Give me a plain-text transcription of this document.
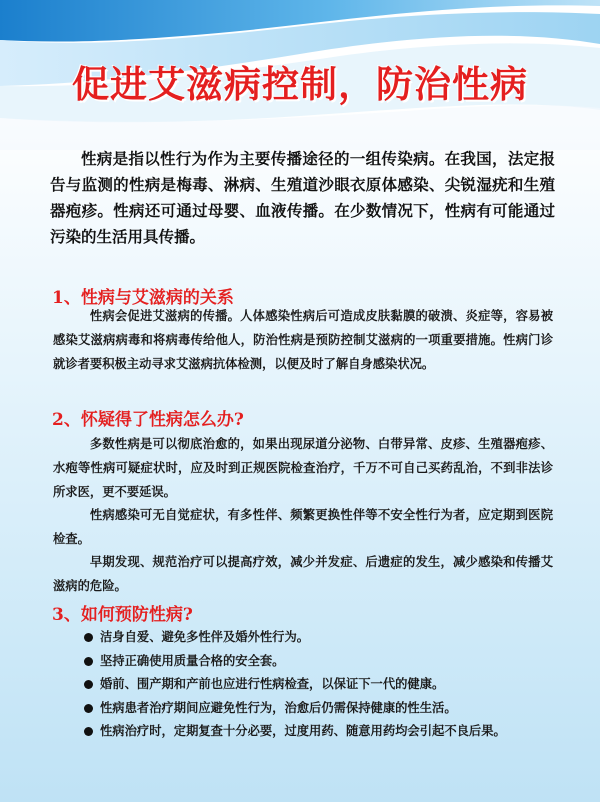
促进艾滋病控制，防治性病
性病是指以性行为作为主要传播途径的一组传染病。在我国，法定报告与监测的性病是梅毒、淋病、生殖道沙眼衣原体感染、尖锐湿疣和生殖器疱疹。性病还可通过母婴、血液传播。在少数情况下，性病有可能通过污染的生活用具传播。
1、性病与艾滋病的关系
性病会促进艾滋病的传播。人体感染性病后可造成皮肤黏膜的破溃、炎症等，容易被感染艾滋病病毒和将病毒传给他人，防治性病是预防控制艾滋病的一项重要措施。性病门诊就诊者要积极主动寻求艾滋病抗体检测，以便及时了解自身感染状况。
2、怀疑得了性病怎么办?
多数性病是可以彻底治愈的，如果出现尿道分泌物、白带异常、皮疹、生殖器疱疹、水疱等性病可疑症状时，应及时到正规医院检查治疗，千万不可自己买药乱治，不到非法诊所求医，更不要延误。
性病感染可无自觉症状，有多性伴、频繁更换性伴等不安全性行为者，应定期到医院检查。
早期发现、规范治疗可以提高疗效，减少并发症、后遗症的发生，减少感染和传播艾滋病的危险。
3、如何预防性病?
洁身自爱、避免多性伴及婚外性行为。
坚持正确使用质量合格的安全套。
婚前、围产期和产前也应进行性病检查，以保证下一代的健康。
性病患者治疗期间应避免性行为，治愈后仍需保持健康的性生活。
性病治疗时，定期复查十分必要，过度用药、随意用药均会引起不良后果。
